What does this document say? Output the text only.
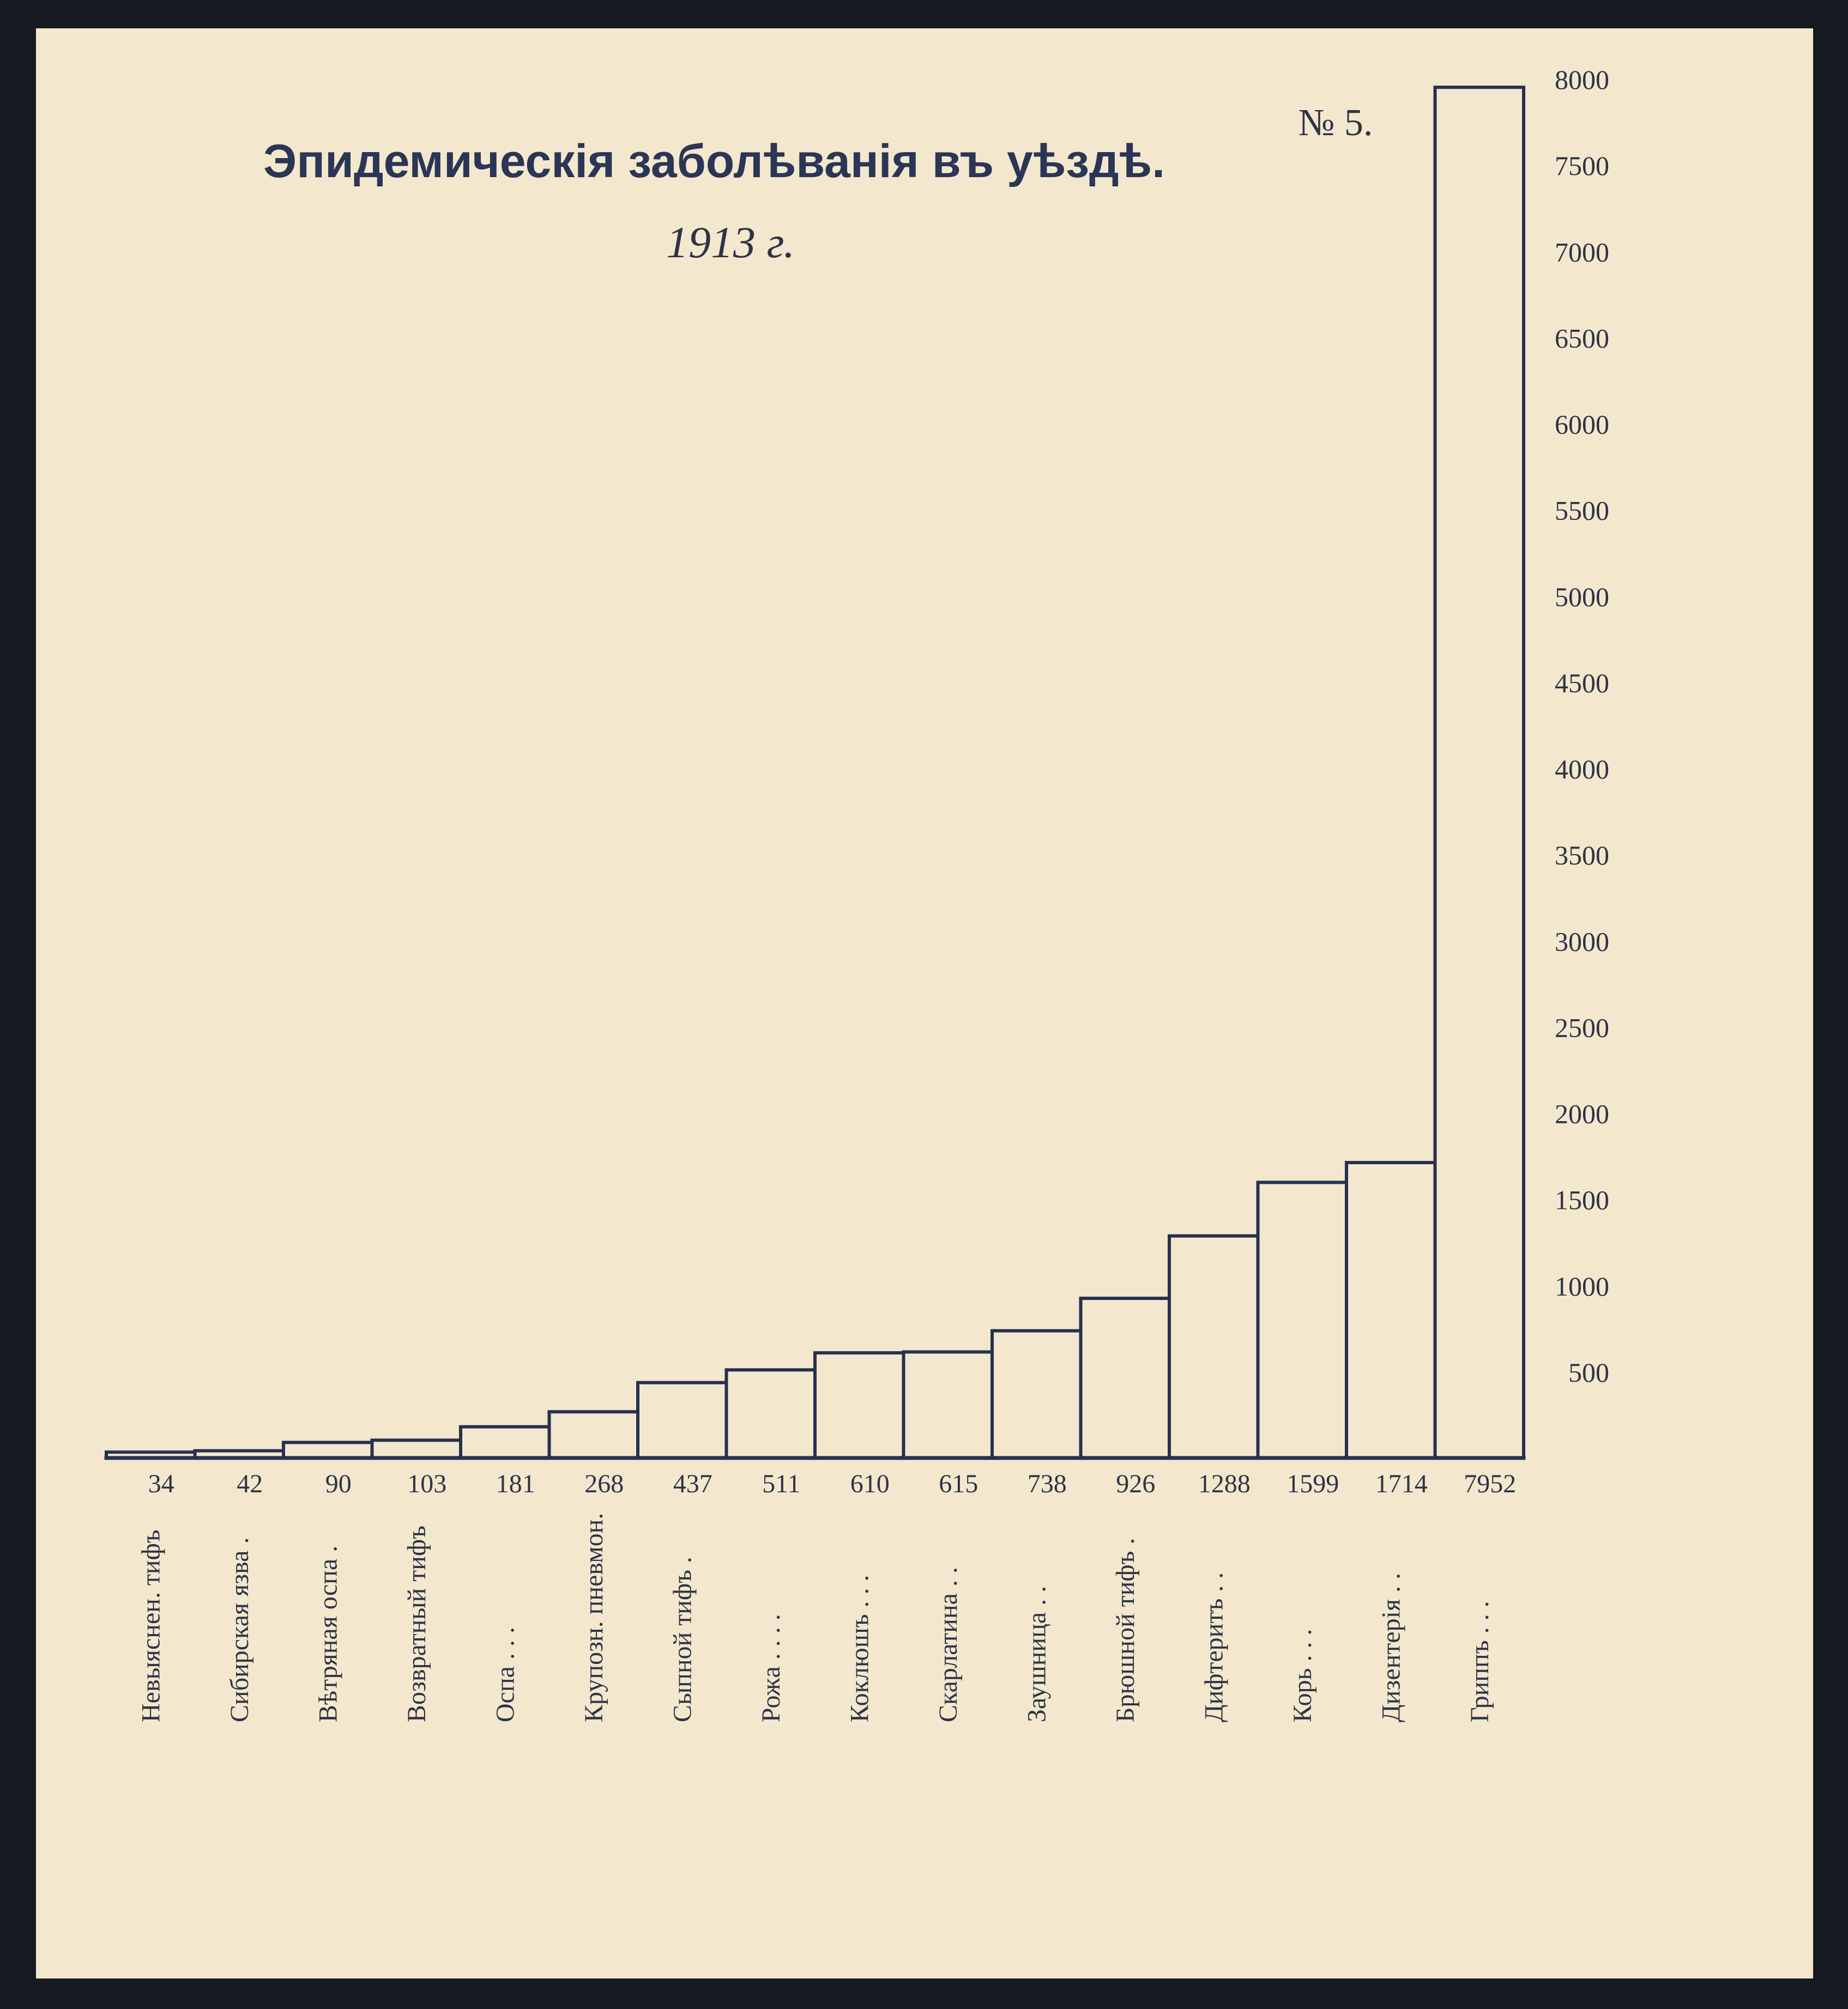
Эпидемическiя заболѣванiя въ уѣздѣ.
1913 г.
№ 5.
500
1000
1500
2000
2500
3000
3500
4000
4500
5000
5500
6000
6500
7000
7500
8000
34 42 90 103 181 268 437 511 610 615 738 926 1288 1599 1714 7952
Невыяснен. тифъ Сибирская язва . Вѣтряная оспа . Возвратный тифъ Оспа . . . Крупозн. пневмон. Сыпной тифъ . Рожа . . . . Коклюшъ . . . Скарлатина . . Заушница . . Брюшной тифъ . Дифтеритъ . . Корь . . . Дизентерiя . . Гриппъ . . .
